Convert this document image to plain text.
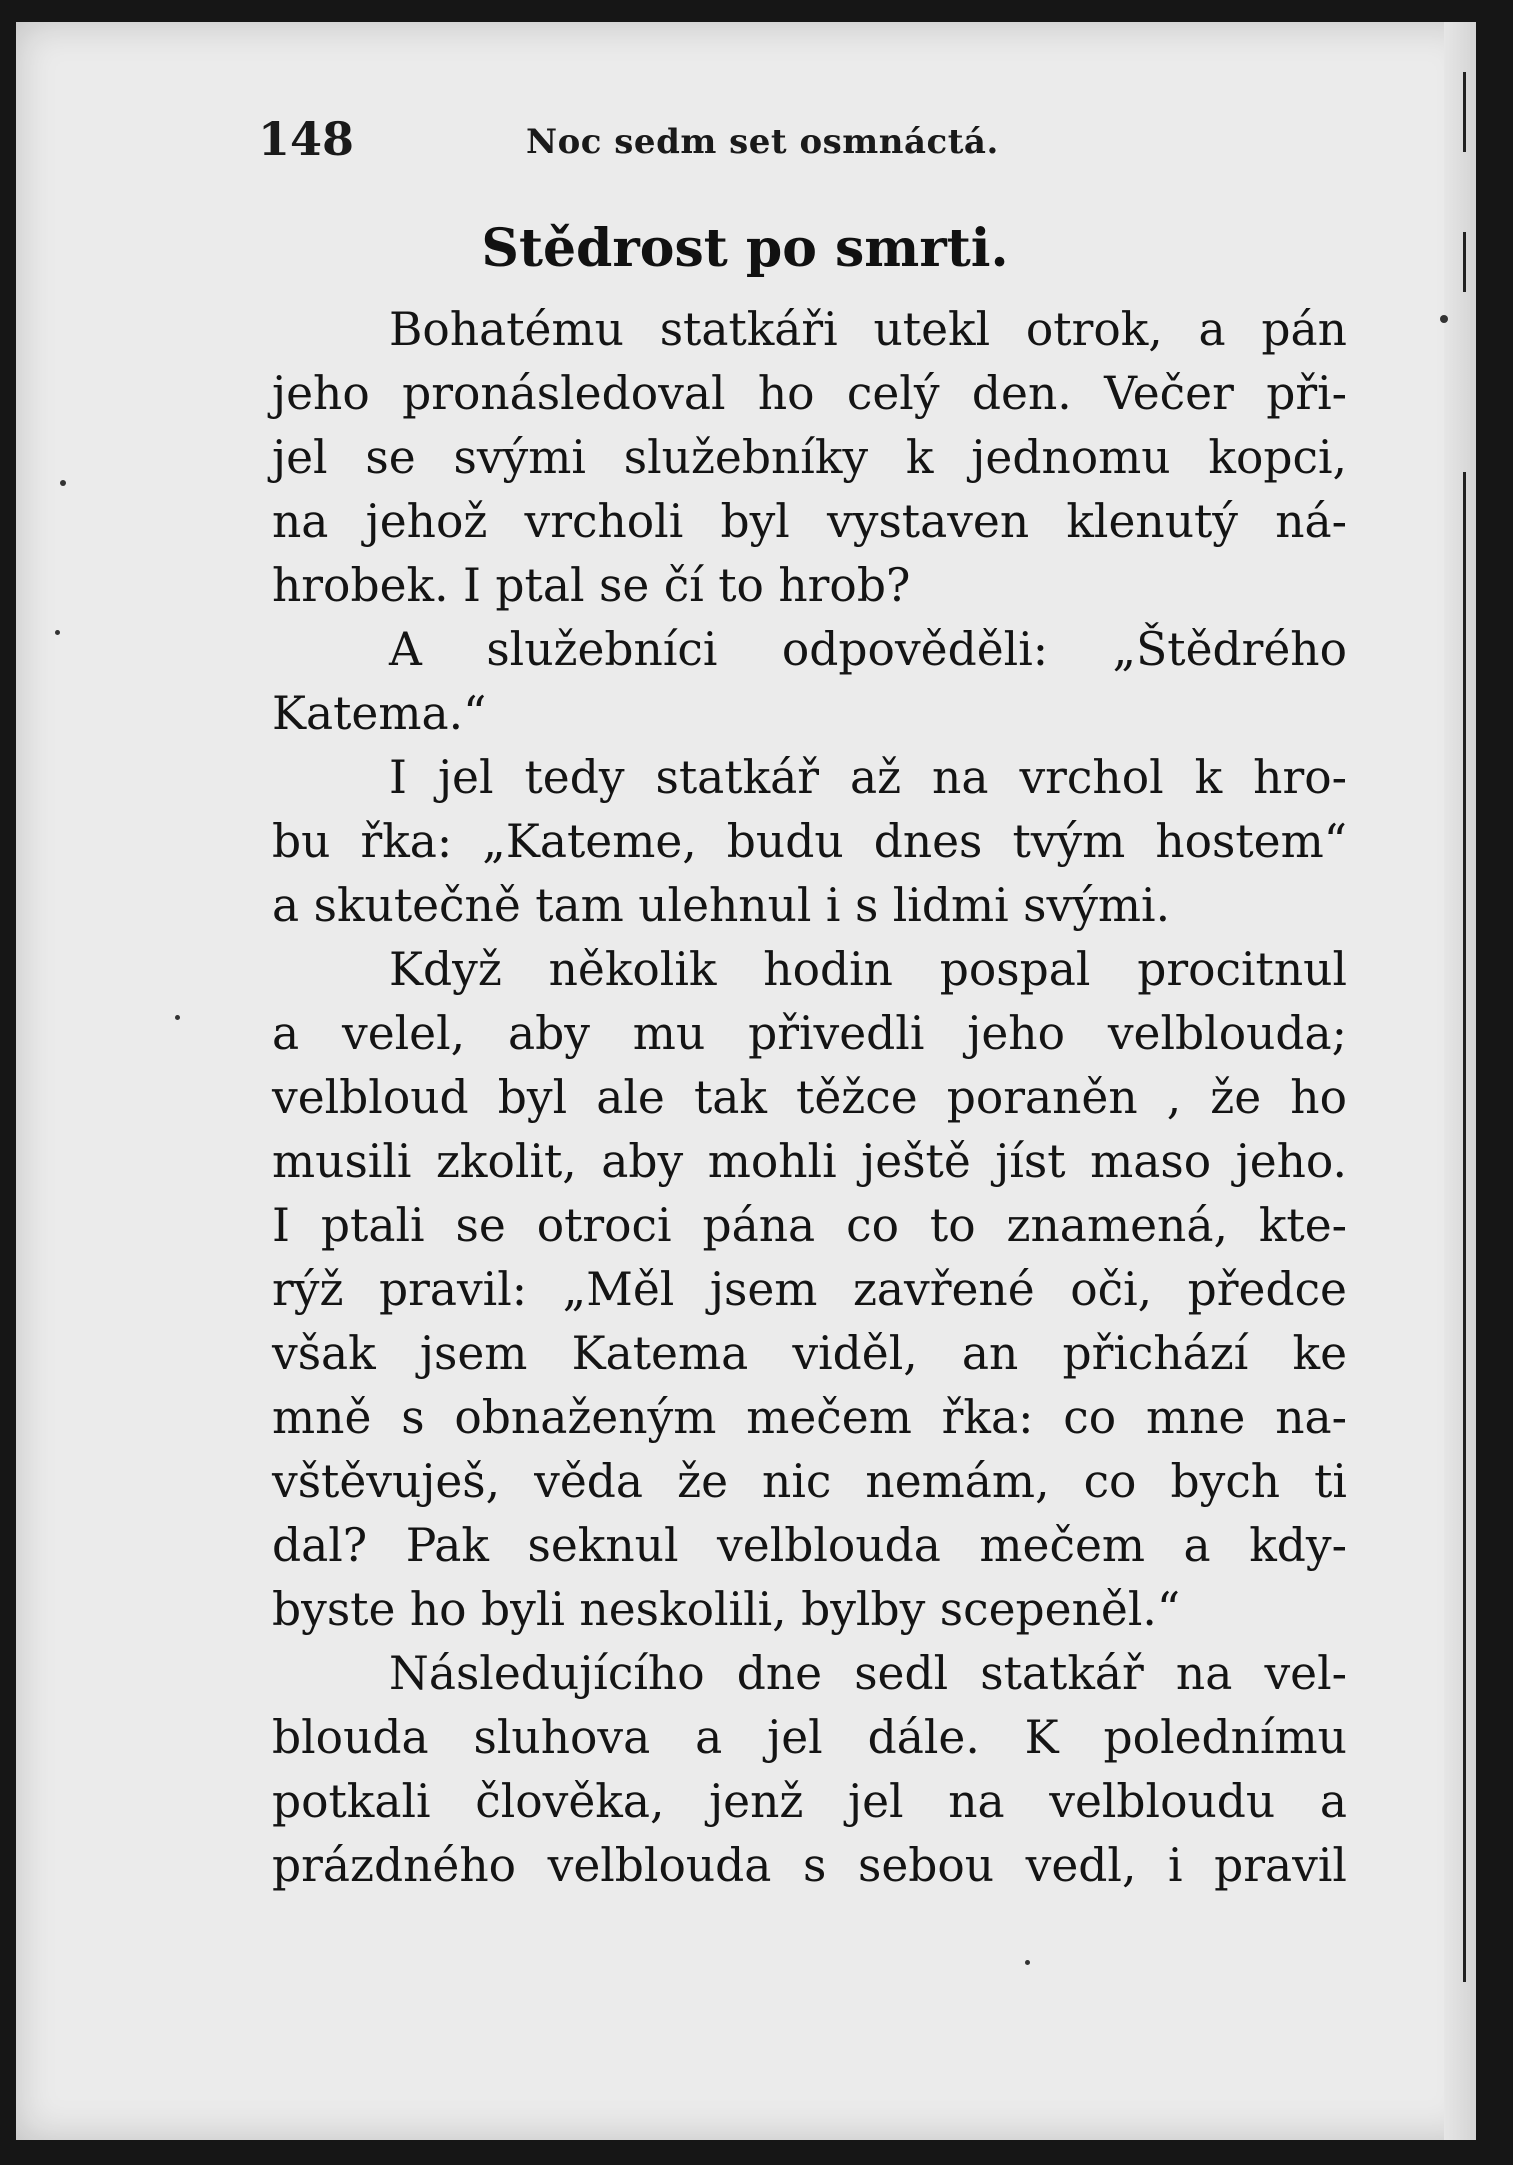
148	Noc sedm set osmnáctá.
Stědrost po smrti.
Bohatému statkáři utekl otrok, a pán
jeho pronásledoval ho celý den. Večer při-
jel se svými služebníky k jednomu kopci,
na jehož vrcholi byl vystaven klenutý ná-
hrobek. I ptal se čí to hrob?
A služebníci odpověděli: „Štědrého
Katema.“
I jel tedy statkář až na vrchol k hro-
bu řka: „Kateme, budu dnes tvým hostem“
a skutečně tam ulehnul i s lidmi svými.
Když několik hodin pospal procitnul
a velel, aby mu přivedli jeho velblouda;
velbloud byl ale tak těžce poraněn , že ho
musili zkolit, aby mohli ještě jíst maso jeho.
I ptali se otroci pána co to znamená, kte-
rýž pravil: „Měl jsem zavřené oči, předce
však jsem Katema viděl, an přichází ke
mně s obnaženým mečem řka: co mne na-
vštěvuješ, věda že nic nemám, co bych ti
dal? Pak seknul velblouda mečem a kdy-
byste ho byli neskolili, bylby scepeněl.“
Následujícího dne sedl statkář na vel-
blouda sluhova a jel dále. K polednímu
potkali člověka, jenž jel na velbloudu a
prázdného velblouda s sebou vedl, i pravil
